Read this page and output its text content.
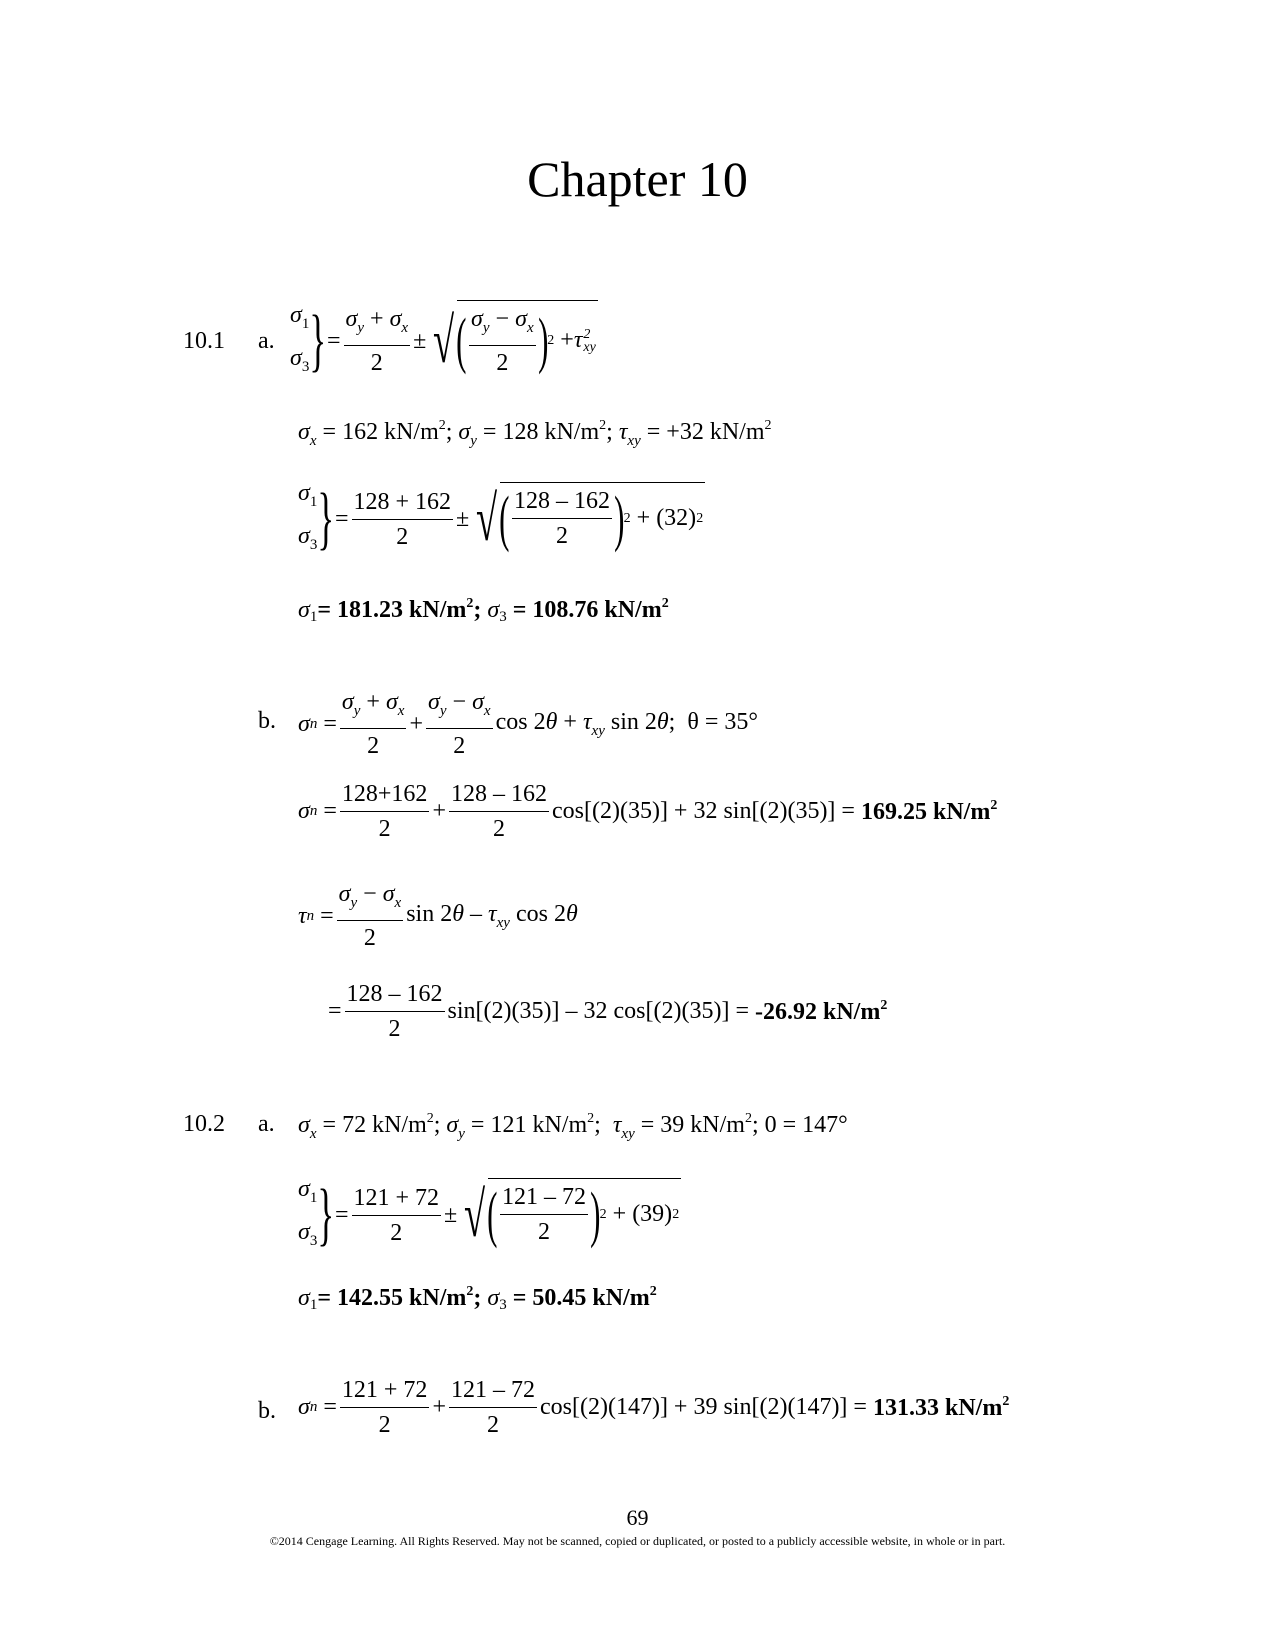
Chapter 10
10.1 a.
$\sigma_1$
$\sigma_3$ } = $\frac{\sigma_y + \sigma_x}{2}$ ± √ ( $\frac{\sigma_y - \sigma_x}{2}$ ) 2 + τ 2
xy
$\sigma_x = 162$ $kN/m^2$; $\sigma_y = 128$ $kN/m^2$; $\tau_{xy} = +32$ $kN/m^2$
$\sigma_1$
$\sigma_3$ } = $\frac{128 + 162}{2}$ ± √ ( $\frac{128 - 162}{2}$ ) 2
+ (32) 2
σ1= 181.23 $kN/m^2$; σ3 = 108.76 $kN/m^2$
b. σ $n = \frac{\sigma_y + \sigma_x}{2} + \frac{\sigma_y - \sigma_x}{2}$ $\cos 2\theta + \tau_{xy}$ sin 2θ;  θ = 35°
σ $n = \frac{128+162}{2} + \frac{128 - 162}{2} \cos[(2)(35)] + 32$ sin[(2)(35)] =
169.25 $kN/m^2$
τ $n = \frac{\sigma_y - \sigma_x}{2}$ $\sin 2\theta - \tau_{xy}$ cos 2θ
= $\frac{128 - 162}{2} \sin[(2)(35)] - 32$ cos[(2)(35)] =
-26.92 $kN/m^2$
10.2 a. $\sigma_x = 72$ $kN/m^2$; $\sigma_y = 121$ $kN/m^2$;  $\tau_{xy} = 39$ $kN/m^2$; 0 = 147°
$\sigma_1$
$\sigma_3$ } = $\frac{121 + 72}{2}$ ± √ ( $\frac{121 - 72}{2}$ ) 2
+ (39) 2
σ1= 142.55 $kN/m^2$; σ3 = 50.45 $kN/m^2$
b. σ $n = \frac{121 + 72}{2} + \frac{121 - 72}{2} \cos[(2)(147)] + 39$ sin[(2)(147)] =
131.33 $kN/m^2$
69
©2014 Cengage Learning. All Rights Reserved. May not be scanned, copied or duplicated, or posted to a publicly accessible website, in whole or in part.
